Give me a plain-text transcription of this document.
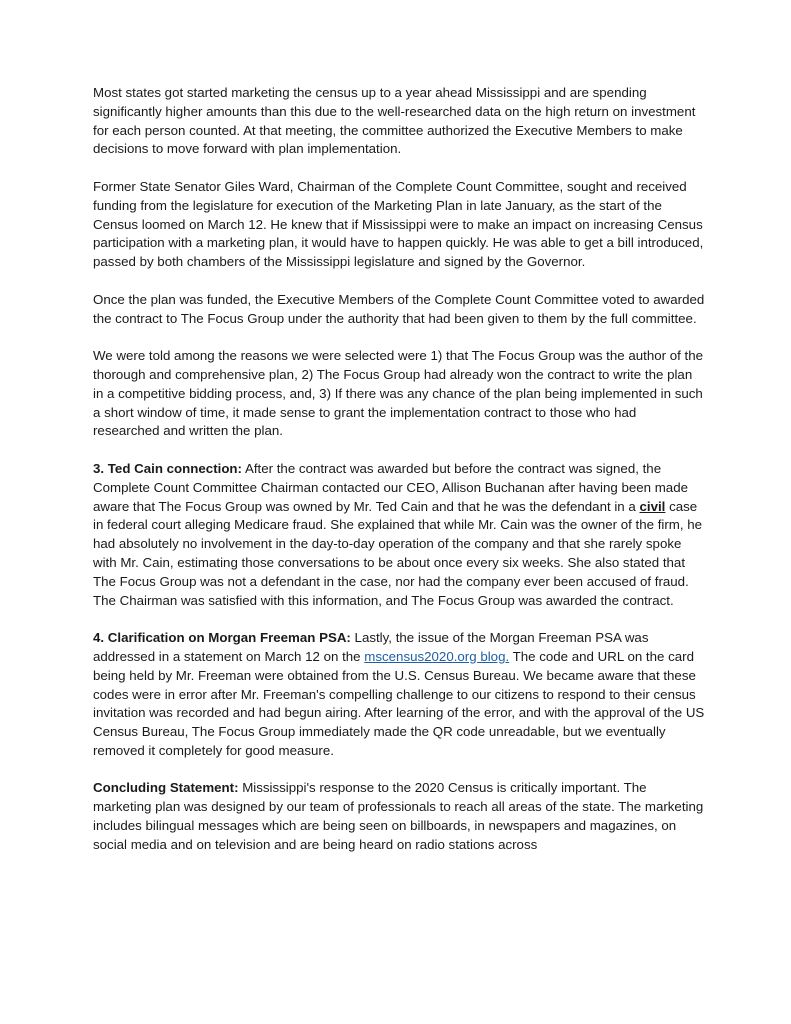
Most states got started marketing the census up to a year ahead Mississippi and are spending significantly higher amounts than this due to the well-researched data on the high return on investment for each person counted. At that meeting, the committee authorized the Executive Members to make decisions to move forward with plan implementation.

Former State Senator Giles Ward, Chairman of the Complete Count Committee, sought and received funding from the legislature for execution of the Marketing Plan in late January, as the start of the Census loomed on March 12. He knew that if Mississippi were to make an impact on increasing Census participation with a marketing plan, it would have to happen quickly. He was able to get a bill introduced, passed by both chambers of the Mississippi legislature and signed by the Governor.

Once the plan was funded, the Executive Members of the Complete Count Committee voted to awarded the contract to The Focus Group under the authority that had been given to them by the full committee.

We were told among the reasons we were selected were 1) that The Focus Group was the author of the thorough and comprehensive plan, 2) The Focus Group had already won the contract to write the plan in a competitive bidding process, and, 3) If there was any chance of the plan being implemented in such a short window of time, it made sense to grant the implementation contract to those who had researched and written the plan.

3. Ted Cain connection: After the contract was awarded but before the contract was signed, the Complete Count Committee Chairman contacted our CEO, Allison Buchanan after having been made aware that The Focus Group was owned by Mr. Ted Cain and that he was the defendant in a civil case in federal court alleging Medicare fraud. She explained that while Mr. Cain was the owner of the firm, he had absolutely no involvement in the day-to-day operation of the company and that she rarely spoke with Mr. Cain, estimating those conversations to be about once every six weeks. She also stated that The Focus Group was not a defendant in the case, nor had the company ever been accused of fraud. The Chairman was satisfied with this information, and The Focus Group was awarded the contract.

4. Clarification on Morgan Freeman PSA: Lastly, the issue of the Morgan Freeman PSA was addressed in a statement on March 12 on the mscensus2020.org blog. The code and URL on the card being held by Mr. Freeman were obtained from the U.S. Census Bureau. We became aware that these codes were in error after Mr. Freeman's compelling challenge to our citizens to respond to their census invitation was recorded and had begun airing. After learning of the error, and with the approval of the US Census Bureau, The Focus Group immediately made the QR code unreadable, but we eventually removed it completely for good measure.

Concluding Statement: Mississippi's response to the 2020 Census is critically important. The marketing plan was designed by our team of professionals to reach all areas of the state. The marketing includes bilingual messages which are being seen on billboards, in newspapers and magazines, on social media and on television and are being heard on radio stations across
